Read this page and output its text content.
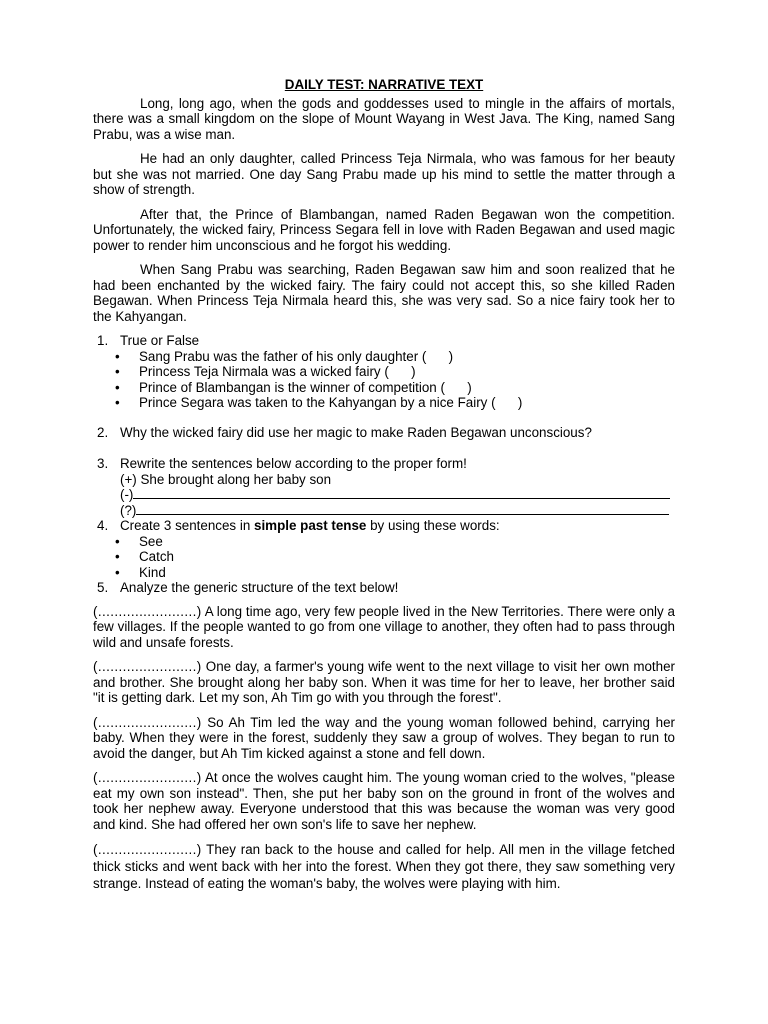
DAILY TEST: NARRATIVE TEXT

Long, long ago, when the gods and goddesses used to mingle in the affairs of mortals, there was a small kingdom on the slope of Mount Wayang in West Java. The King, named Sang Prabu, was a wise man.

He had an only daughter, called Princess Teja Nirmala, who was famous for her beauty but she was not married. One day Sang Prabu made up his mind to settle the matter through a show of strength.

After that, the Prince of Blambangan, named Raden Begawan won the competition. Unfortunately, the wicked fairy, Princess Segara fell in love with Raden Begawan and used magic power to render him unconscious and he forgot his wedding.

When Sang Prabu was searching, Raden Begawan saw him and soon realized that he had been enchanted by the wicked fairy. The fairy could not accept this, so she killed Raden Begawan. When Princess Teja Nirmala heard this, she was very sad. So a nice fairy took her to the Kahyangan.

1. True or False

• Sang Prabu was the father of his only daughter (      )
• Princess Teja Nirmala was a wicked fairy (      )
• Prince of Blambangan is the winner of competition (      )
• Prince Segara was taken to the Kahyangan by a nice Fairy (      )

2. Why the wicked fairy did use her magic to make Raden Begawan unconscious?

3. Rewrite the sentences below according to the proper form!

(+) She brought along her baby son

(-)

(?)

4. Create 3 sentences in simple past tense by using these words:

• See
• Catch
• Kind

5. Analyze the generic structure of the text below!

(........................) A long time ago, very few people lived in the New Territories. There were only a few villages. If the people wanted to go from one village to another, they often had to pass through wild and unsafe forests.

(........................) One day, a farmer's young wife went to the next village to visit her own mother and brother. She brought along her baby son. When it was time for her to leave, her brother said "it is getting dark. Let my son, Ah Tim go with you through the forest".

(........................) So Ah Tim led the way and the young woman followed behind, carrying her baby. When they were in the forest, suddenly they saw a group of wolves. They began to run to avoid the danger, but Ah Tim kicked against a stone and fell down.

(........................) At once the wolves caught him. The young woman cried to the wolves, "please eat my own son instead". Then, she put her baby son on the ground in front of the wolves and took her nephew away. Everyone understood that this was because the woman was very good and kind. She had offered her own son's life to save her nephew.

(........................) They ran back to the house and called for help. All men in the village fetched thick sticks and went back with her into the forest. When they got there, they saw something very strange. Instead of eating the woman's baby, the wolves were playing with him.
